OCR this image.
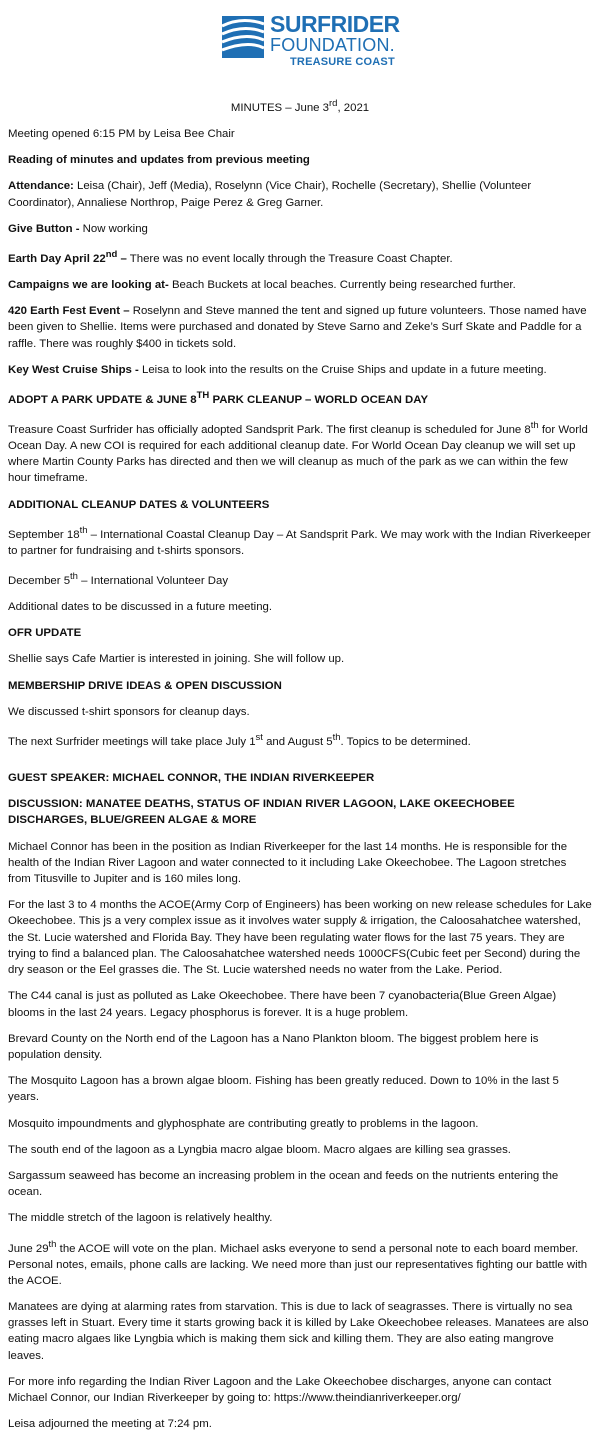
SURFRIDER
FOUNDATION.
TREASURE COAST

MINUTES – June 3rd, 2021

Meeting opened 6:15 PM by Leisa Bee Chair

Reading of minutes and updates from previous meeting

Attendance: Leisa (Chair), Jeff (Media), Roselynn (Vice Chair), Rochelle (Secretary), Shellie (Volunteer Coordinator), Annaliese Northrop, Paige Perez & Greg Garner.

Give Button - Now working

Earth Day April 22nd – There was no event locally through the Treasure Coast Chapter.

Campaigns we are looking at- Beach Buckets at local beaches. Currently being researched further.

420 Earth Fest Event – Roselynn and Steve manned the tent and signed up future volunteers. Those named have been given to Shellie. Items were purchased and donated by Steve Sarno and Zeke’s Surf Skate and Paddle for a raffle. There was roughly $400 in tickets sold.

Key West Cruise Ships - Leisa to look into the results on the Cruise Ships and update in a future meeting.

ADOPT A PARK UPDATE & JUNE 8TH PARK CLEANUP – WORLD OCEAN DAY

Treasure Coast Surfrider has officially adopted Sandsprit Park. The first cleanup is scheduled for June 8th for World Ocean Day. A new COI is required for each additional cleanup date. For World Ocean Day cleanup we will set up where Martin County Parks has directed and then we will cleanup as much of the park as we can within the few hour timeframe.

ADDITIONAL CLEANUP DATES & VOLUNTEERS

September 18th – International Coastal Cleanup Day – At Sandsprit Park. We may work with the Indian Riverkeeper to partner for fundraising and t-shirts sponsors.

December 5th – International Volunteer Day

Additional dates to be discussed in a future meeting.

OFR UPDATE

Shellie says Cafe Martier is interested in joining. She will follow up.

MEMBERSHIP DRIVE IDEAS & OPEN DISCUSSION

We discussed t-shirt sponsors for cleanup days.

The next Surfrider meetings will take place July 1st and August 5th. Topics to be determined.

GUEST SPEAKER: MICHAEL CONNOR, THE INDIAN RIVERKEEPER

DISCUSSION: MANATEE DEATHS, STATUS OF INDIAN RIVER LAGOON, LAKE OKEECHOBEE DISCHARGES, BLUE/GREEN ALGAE & MORE

Michael Connor has been in the position as Indian Riverkeeper for the last 14 months. He is responsible for the health of the Indian River Lagoon and water connected to it including Lake Okeechobee. The Lagoon stretches from Titusville to Jupiter and is 160 miles long.

For the last 3 to 4 months the ACOE(Army Corp of Engineers) has been working on new release schedules for Lake Okeechobee. This js a very complex issue as it involves water supply & irrigation, the Caloosahatchee watershed, the St. Lucie watershed and Florida Bay. They have been regulating water flows for the last 75 years. They are trying to find a balanced plan. The Caloosahatchee watershed needs 1000CFS(Cubic feet per Second) during the dry season or the Eel grasses die. The St. Lucie watershed needs no water from the Lake. Period.

The C44 canal is just as polluted as Lake Okeechobee. There have been 7 cyanobacteria(Blue Green Algae) blooms in the last 24 years. Legacy phosphorus is forever. It is a huge problem.

Brevard County on the North end of the Lagoon has a Nano Plankton bloom. The biggest problem here is population density.

The Mosquito Lagoon has a brown algae bloom. Fishing has been greatly reduced. Down to 10% in the last 5 years.

Mosquito impoundments and glyphosphate are contributing greatly to problems in the lagoon.

The south end of the lagoon as a Lyngbia macro algae bloom. Macro algaes are killing sea grasses.

Sargassum seaweed has become an increasing problem in the ocean and feeds on the nutrients entering the ocean.

The middle stretch of the lagoon is relatively healthy.

June 29th the ACOE will vote on the plan. Michael asks everyone to send a personal note to each board member. Personal notes, emails, phone calls are lacking. We need more than just our representatives fighting our battle with the ACOE.

Manatees are dying at alarming rates from starvation. This is due to lack of seagrasses. There is virtually no sea grasses left in Stuart. Every time it starts growing back it is killed by Lake Okeechobee releases. Manatees are also eating macro algaes like Lyngbia which is making them sick and killing them. They are also eating mangrove leaves.

For more info regarding the Indian River Lagoon and the Lake Okeechobee discharges, anyone can contact Michael Connor, our Indian Riverkeeper by going to: https://www.theindianriverkeeper.org/

Leisa adjourned the meeting at 7:24 pm.
